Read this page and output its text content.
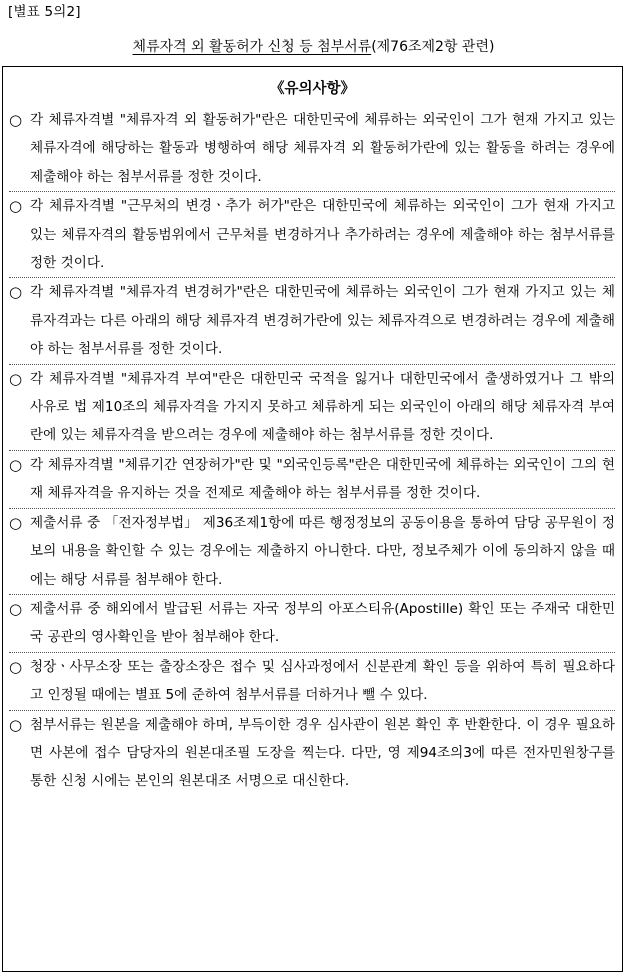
[별표 5의2]
체류자격 외 활동허가 신청 등 첨부서류(제76조제2항 관련)
《유의사항》
○ 각 체류자격별 "체류자격 외 활동허가"란은 대한민국에 체류하는 외국인이 그가 현재 가지고 있는 체류자격에 해당하는 활동과 병행하여 해당 체류자격 외 활동허가란에 있는 활동을 하려는 경우에 제출해야 하는 첨부서류를 정한 것이다.
○ 각 체류자격별 "근무처의 변경ㆍ추가 허가"란은 대한민국에 체류하는 외국인이 그가 현재 가지고 있는 체류자격의 활동범위에서 근무처를 변경하거나 추가하려는 경우에 제출해야 하는 첨부서류를 정한 것이다.
○ 각 체류자격별 "체류자격 변경허가"란은 대한민국에 체류하는 외국인이 그가 현재 가지고 있는 체류자격과는 다른 아래의 해당 체류자격 변경허가란에 있는 체류자격으로 변경하려는 경우에 제출해야 하는 첨부서류를 정한 것이다.
○ 각 체류자격별 "체류자격 부여"란은 대한민국 국적을 잃거나 대한민국에서 출생하였거나 그 밖의 사유로 법 제10조의 체류자격을 가지지 못하고 체류하게 되는 외국인이 아래의 해당 체류자격 부여란에 있는 체류자격을 받으려는 경우에 제출해야 하는 첨부서류를 정한 것이다.
○ 각 체류자격별 "체류기간 연장허가"란 및 "외국인등록"란은 대한민국에 체류하는 외국인이 그의 현재 체류자격을 유지하는 것을 전제로 제출해야 하는 첨부서류를 정한 것이다.
○ 제출서류 중 「전자정부법」 제36조제1항에 따른 행정정보의 공동이용을 통하여 담당 공무원이 정보의 내용을 확인할 수 있는 경우에는 제출하지 아니한다. 다만, 정보주체가 이에 동의하지 않을 때에는 해당 서류를 첨부해야 한다.
○ 제출서류 중 해외에서 발급된 서류는 자국 정부의 아포스티유(Apostille) 확인 또는 주재국 대한민국 공관의 영사확인을 받아 첨부해야 한다.
○ 청장ㆍ사무소장 또는 출장소장은 접수 및 심사과정에서 신분관계 확인 등을 위하여 특히 필요하다고 인정될 때에는 별표 5에 준하여 첨부서류를 더하거나 뺄 수 있다.
○ 첨부서류는 원본을 제출해야 하며, 부득이한 경우 심사관이 원본 확인 후 반환한다. 이 경우 필요하면 사본에 접수 담당자의 원본대조필 도장을 찍는다. 다만, 영 제94조의3에 따른 전자민원창구를 통한 신청 시에는 본인의 원본대조 서명으로 대신한다.
